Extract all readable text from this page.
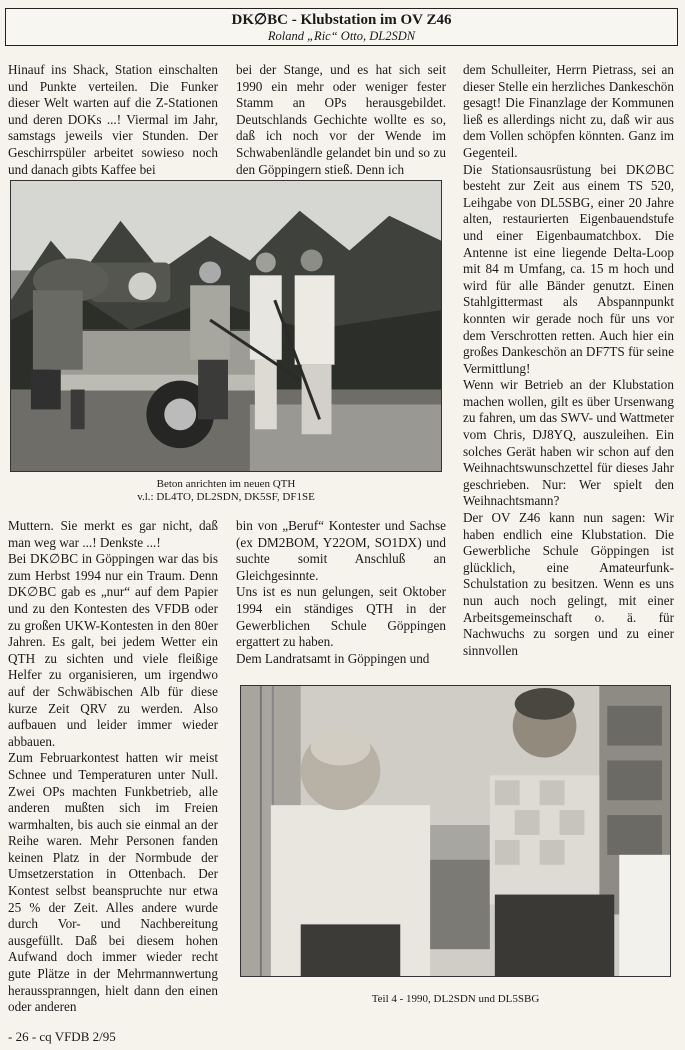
DK∅BC - Klubstation im OV Z46
Roland „Ric“ Otto, DL2SDN

Hinauf ins Shack, Station einschalten und Punkte verteilen. Die Funker dieser Welt warten auf die Z-Stationen und deren DOKs ...! Viermal im Jahr, samstags jeweils vier Stunden. Der Geschirrspüler arbeitet sowieso noch und danach gibts Kaffee bei

bei der Stange, und es hat sich seit 1990 ein mehr oder weniger fester Stamm an OPs herausgebildet. Deutschlands Gechichte wollte es so, daß ich noch vor der Wende im Schwabenländle gelandet bin und so zu den Göppingern stieß. Denn ich

dem Schulleiter, Herrn Pietrass, sei an dieser Stelle ein herzliches Dankeschön gesagt! Die Finanzlage der Kommunen ließ es allerdings nicht zu, daß wir aus dem Vollen schöpfen könnten. Ganz im Gegenteil.

Die Stationsausrüstung bei DK∅BC besteht zur Zeit aus einem TS 520, Leihgabe von DL5SBG, einer 20 Jahre alten, restaurierten Eigenbauendstufe und einer Eigenbaumatchbox. Die Antenne ist eine liegende Delta-Loop mit 84 m Umfang, ca. 15 m hoch und wird für alle Bänder genutzt. Einen Stahlgittermast als Abspannpunkt konnten wir gerade noch für uns vor dem Verschrotten retten. Auch hier ein großes Dankeschön an DF7TS für seine Vermittlung!

Wenn wir Betrieb an der Klubstation machen wollen, gilt es über Ursenwang zu fahren, um das SWV- und Wattmeter vom Chris, DJ8YQ, auszuleihen. Ein solches Gerät haben wir schon auf den Weihnachtswunschzettel für dieses Jahr geschrieben. Nur: Wer spielt den Weihnachtsmann?

Der OV Z46 kann nun sagen: Wir haben endlich eine Klubstation. Die Gewerbliche Schule Göppingen ist glücklich, eine Amateurfunk-Schulstation zu besitzen. Wenn es uns nun auch noch gelingt, mit einer Arbeitsgemeinschaft o. ä. für Nachwuchs zu sorgen und zu einer sinnvollen

Beton anrichten im neuen QTH
v.l.: DL4TO, DL2SDN, DK5SF, DF1SE

Muttern. Sie merkt es gar nicht, daß man weg war ...! Denkste ...!

Bei DK∅BC in Göppingen war das bis zum Herbst 1994 nur ein Traum. Denn DK∅BC gab es „nur“ auf dem Papier und zu den Kontesten des VFDB oder zu großen UKW-Kontesten in den 80er Jahren. Es galt, bei jedem Wetter ein QTH zu sichten und viele fleißige Helfer zu organisieren, um irgendwo auf der Schwäbischen Alb für diese kurze Zeit QRV zu werden. Also aufbauen und leider immer wieder abbauen.

Zum Februarkontest hatten wir meist Schnee und Temperaturen unter Null. Zwei OPs machten Funkbetrieb, alle anderen mußten sich im Freien warmhalten, bis auch sie einmal an der Reihe waren. Mehr Personen fanden keinen Platz in der Normbude der Umsetzerstation in Ottenbach. Der Kontest selbst beanspruchte nur etwa 25 % der Zeit. Alles andere wurde durch Vor- und Nachbereitung ausgefüllt. Daß bei diesem hohen Aufwand doch immer wieder recht gute Plätze in der Mehrmannwertung herausspranngen, hielt dann den einen oder anderen

bin von „Beruf“ Kontester und Sachse (ex DM2BOM, Y22OM, SO1DX) und suchte somit Anschluß an Gleichgesinnte.

Uns ist es nun gelungen, seit Oktober 1994 ein ständiges QTH in der Gewerblichen Schule Göppingen ergattert zu haben.

Dem Landratsamt in Göppingen und

Teil 4 - 1990, DL2SDN und DL5SBG
- 26 - cq VFDB 2/95
